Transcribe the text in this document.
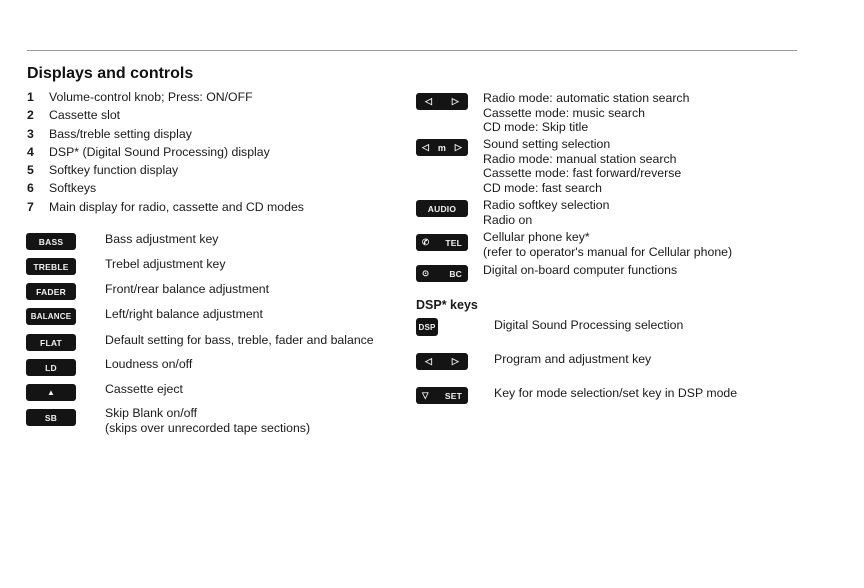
Displays and controls
1 Volume-control knob; Press: ON/OFF
2 Cassette slot
3 Bass/treble setting display
4 DSP* (Digital Sound Processing) display
5 Softkey function display
6 Softkeys
7 Main display for radio, cassette and CD modes
BASS	Bass adjustment key
TREBLE	Trebel adjustment key
FADER	Front/rear balance adjustment
BALANCE	Left/right balance adjustment
FLAT	Default setting for bass, treble, fader and balance
LD	Loudness on/off
▲	Cassette eject
SB	Skip Blank on/off
(skips over unrecorded tape sections)
◁ ▷ Radio mode: automatic station search
Cassette mode: music search
CD mode: Skip title
◁ m ▷ Sound setting selection
Radio mode: manual station search
Cassette mode: fast forward/reverse
CD mode: fast search
AUDIO	Radio softkey selection
Radio on
✆ TEL Cellular phone key*
(refer to operator's manual for Cellular phone)
⊙ BC Digital on-board computer functions
DSP* keys
DSP	Digital Sound Processing selection
◁ ▷	Program and adjustment key
▽ SET	Key for mode selection/set key in DSP mode
